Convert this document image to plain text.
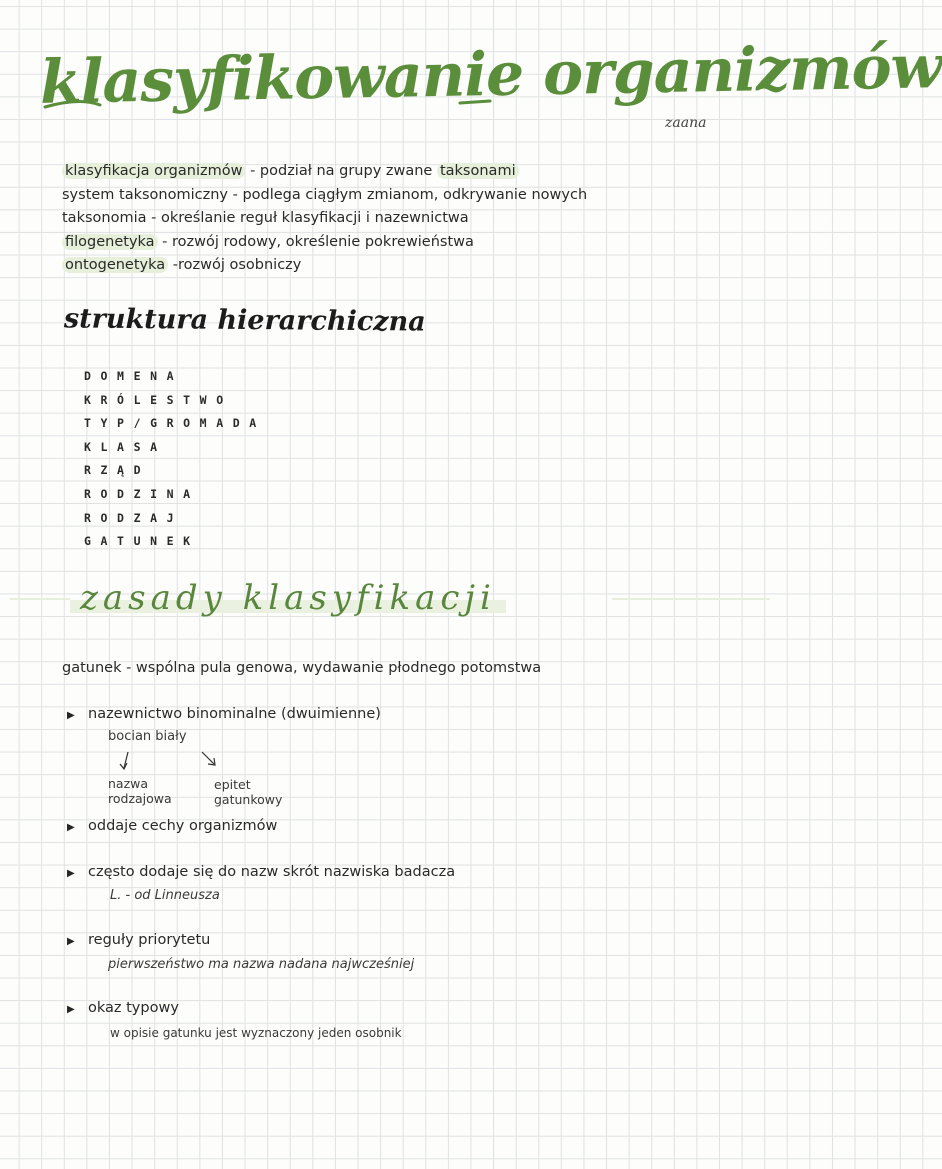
klasyfikowanie organizmów
zaana
klasyfikacja organizmów - podział na grupy zwane taksonami
system taksonomiczny - podlega ciągłym zmianom, odkrywanie nowych
taksonomia - określanie reguł klasyfikacji i nazewnictwa
filogenetyka - rozwój rodowy, określenie pokrewieństwa
ontogenetyka -rozwój osobniczy
struktura hierarchiczna
DOMENA
KRÓLESTWO
TYP/GROMADA
KLASA
RZĄD
RODZINA
RODZAJ
GATUNEK
zasady klasyfikacji
gatunek - wspólna pula genowa, wydawanie płodnego potomstwa
▶ nazewnictwo binominalne (dwuimienne)
bocian biały
nazwa
rodzajowa
epitet
gatunkowy
▶ oddaje cechy organizmów
▶ często dodaje się do nazw skrót nazwiska badacza
L. - od Linneusza
▶ reguły priorytetu
pierwszeństwo ma nazwa nadana najwcześniej
▶ okaz typowy
w opisie gatunku jest wyznaczony jeden osobnik
